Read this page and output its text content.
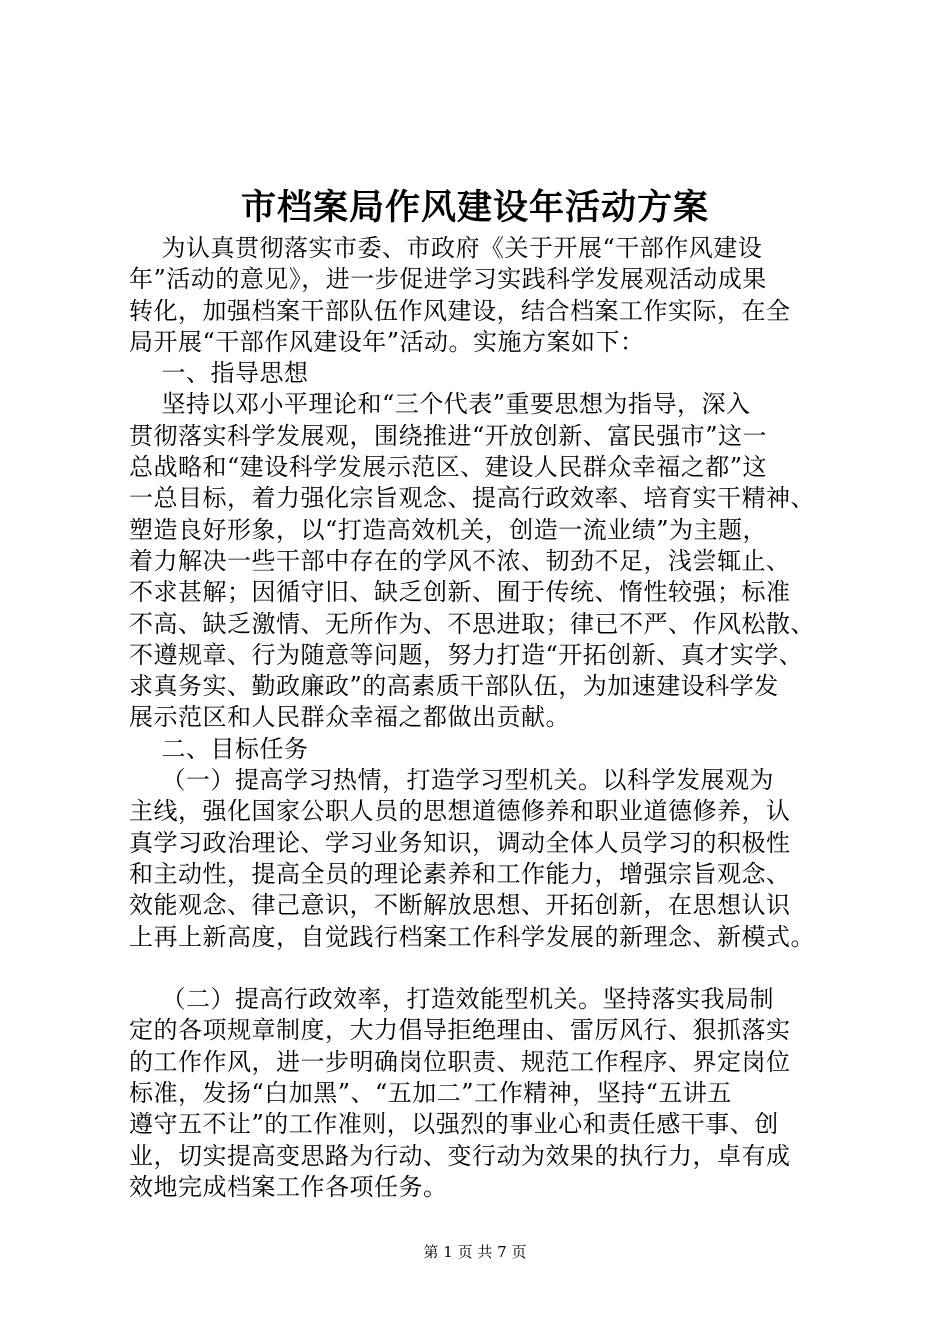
市档案局作风建设年活动方案
为认真贯彻落实市委、市政府《关于开展“干部作风建设
年”活动的意见》，进一步促进学习实践科学发展观活动成果
转化，加强档案干部队伍作风建设，结合档案工作实际，在全
局开展“干部作风建设年”活动。实施方案如下：
一、指导思想
坚持以邓小平理论和“三个代表”重要思想为指导，深入
贯彻落实科学发展观，围绕推进“开放创新、富民强市”这一
总战略和“建设科学发展示范区、建设人民群众幸福之都”这
一总目标，着力强化宗旨观念、提高行政效率、培育实干精神、
塑造良好形象，以“打造高效机关，创造一流业绩”为主题，
着力解决一些干部中存在的学风不浓、韧劲不足，浅尝辄止、
不求甚解；因循守旧、缺乏创新、囿于传统、惰性较强；标准
不高、缺乏激情、无所作为、不思进取；律已不严、作风松散、
不遵规章、行为随意等问题，努力打造“开拓创新、真才实学、
求真务实、勤政廉政”的高素质干部队伍，为加速建设科学发
展示范区和人民群众幸福之都做出贡献。
二、目标任务
（一）提高学习热情，打造学习型机关。以科学发展观为
主线，强化国家公职人员的思想道德修养和职业道德修养，认
真学习政治理论、学习业务知识，调动全体人员学习的积极性
和主动性，提高全员的理论素养和工作能力，增强宗旨观念、
效能观念、律己意识，不断解放思想、开拓创新，在思想认识
上再上新高度，自觉践行档案工作科学发展的新理念、新模式。
（二）提高行政效率，打造效能型机关。坚持落实我局制
定的各项规章制度，大力倡导拒绝理由、雷厉风行、狠抓落实
的工作作风，进一步明确岗位职责、规范工作程序、界定岗位
标准，发扬“白加黑”、“五加二”工作精神，坚持“五讲五
遵守五不让”的工作准则，以强烈的事业心和责任感干事、创
业，切实提高变思路为行动、变行动为效果的执行力，卓有成
效地完成档案工作各项任务。
第 1 页 共 7 页
